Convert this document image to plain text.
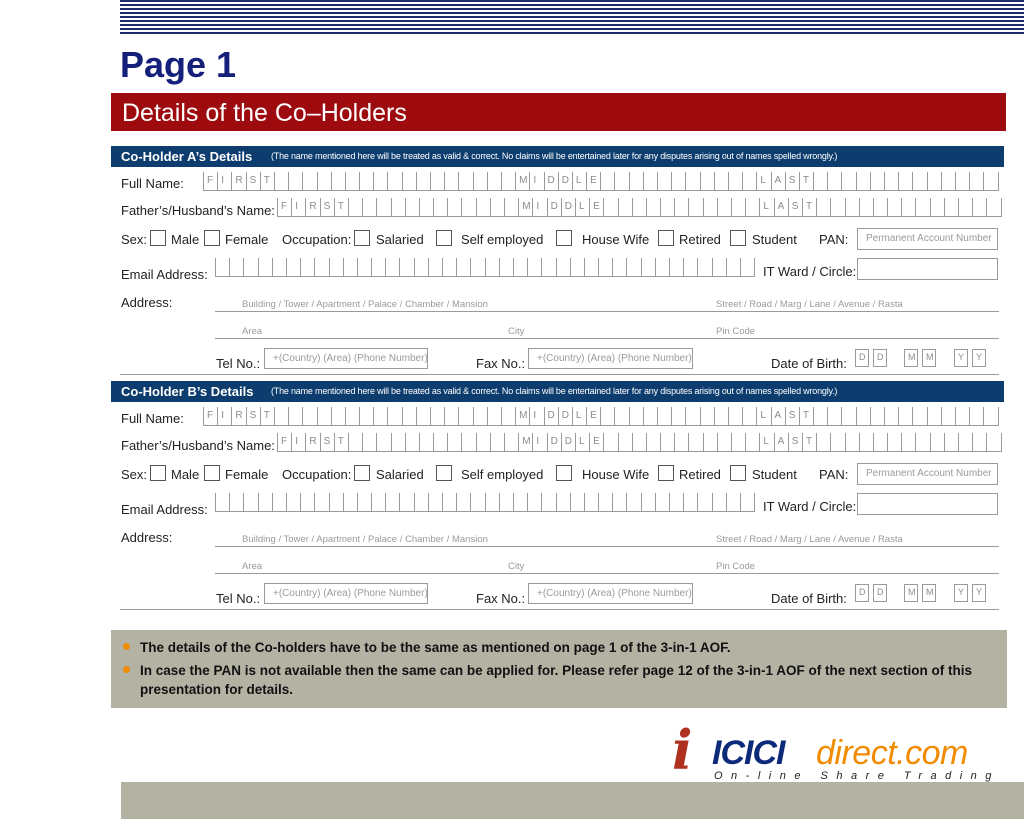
Page 1
Details of the Co–Holders
Co-Holder A’s Details (The name mentioned here will be treated as valid & correct. No claims will be entertained later for any disputes arising out of names spelled wrongly.)
Full Name: F I R S T	M I D D L E	L A S T
Father’s/Husband’s Name: F I R S T	M I D D L E	L A S T
Sex: Male Female Occupation: Salaried	Self employed	House Wife Retired Student PAN: Permanent Account Number
Email Address:	IT Ward / Circle:
Address:	Building / Tower / Apartment / Palace / Chamber / Mansion	Street / Road / Marg / Lane / Avenue / Rasta
Area	City	Pin Code
Tel No.: +(Country) (Area) (Phone Number)	Fax No.: +(Country) (Area) (Phone Number)	Date of Birth: D D	M M	Y Y
Co-Holder B’s Details (The name mentioned here will be treated as valid & correct. No claims will be entertained later for any disputes arising out of names spelled wrongly.)
Full Name: F I R S T	M I D D L E	L A S T
Father’s/Husband’s Name: F I R S T	M I D D L E	L A S T
Sex: Male Female Occupation: Salaried	Self employed	House Wife Retired Student PAN: Permanent Account Number
Email Address:	IT Ward / Circle:
Address:	Building / Tower / Apartment / Palace / Chamber / Mansion	Street / Road / Marg / Lane / Avenue / Rasta
Area	City	Pin Code
Tel No.: +(Country) (Area) (Phone Number)	Fax No.: +(Country) (Area) (Phone Number)	Date of Birth: D D	M M	Y Y
The details of the Co-holders have to be the same as mentioned on page 1 of the 3-in-1 AOF.
In case the PAN is not available then the same can be applied for. Please refer page 12 of the 3-in-1 AOF of the next section of this presentation for details.
i ICICI direct.com
On-line Share Trading
